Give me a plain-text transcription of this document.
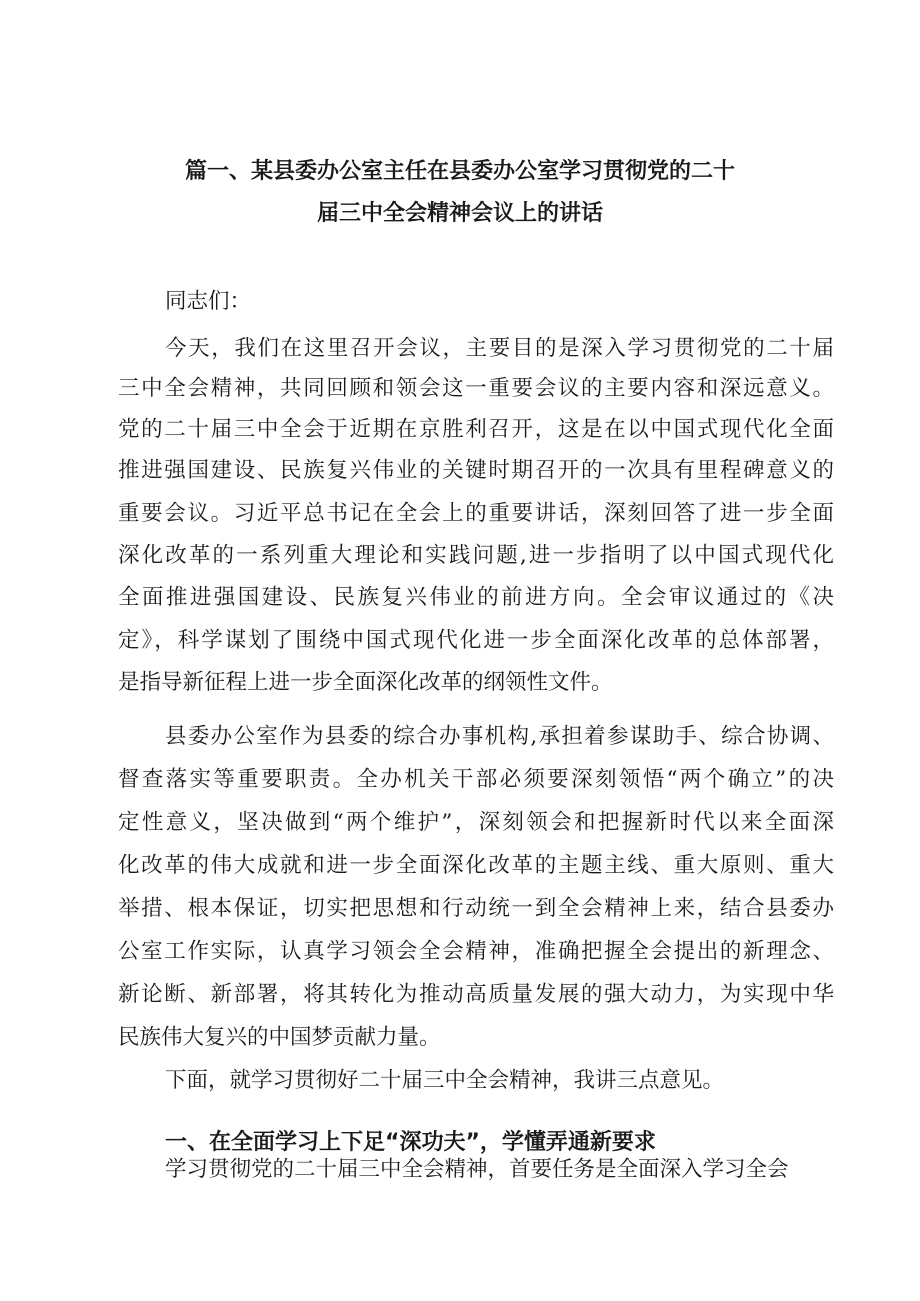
篇一、某县委办公室主任在县委办公室学习贯彻党的二十
届三中全会精神会议上的讲话
同志们：
今天，我们在这里召开会议，主要目的是深入学习贯彻党的二十届
三中全会精神，共同回顾和领会这一重要会议的主要内容和深远意义。
党的二十届三中全会于近期在京胜利召开，这是在以中国式现代化全面
推进强国建设、民族复兴伟业的关键时期召开的一次具有里程碑意义的
重要会议。习近平总书记在全会上的重要讲话，深刻回答了进一步全面
深化改革的一系列重大理论和实践问题,进一步指明了以中国式现代化
全面推进强国建设、民族复兴伟业的前进方向。全会审议通过的《决
定》，科学谋划了围绕中国式现代化进一步全面深化改革的总体部署，
是指导新征程上进一步全面深化改革的纲领性文件。
县委办公室作为县委的综合办事机构,承担着参谋助手、综合协调、
督查落实等重要职责。全办机关干部必须要深刻领悟“两个确立”的决
定性意义，坚决做到“两个维护”，深刻领会和把握新时代以来全面深
化改革的伟大成就和进一步全面深化改革的主题主线、重大原则、重大
举措、根本保证，切实把思想和行动统一到全会精神上来，结合县委办
公室工作实际，认真学习领会全会精神，准确把握全会提出的新理念、
新论断、新部署，将其转化为推动高质量发展的强大动力，为实现中华
民族伟大复兴的中国梦贡献力量。
下面，就学习贯彻好二十届三中全会精神，我讲三点意见。
一、在全面学习上下足“深功夫”，学懂弄通新要求
学习贯彻党的二十届三中全会精神，首要任务是全面深入学习全会
